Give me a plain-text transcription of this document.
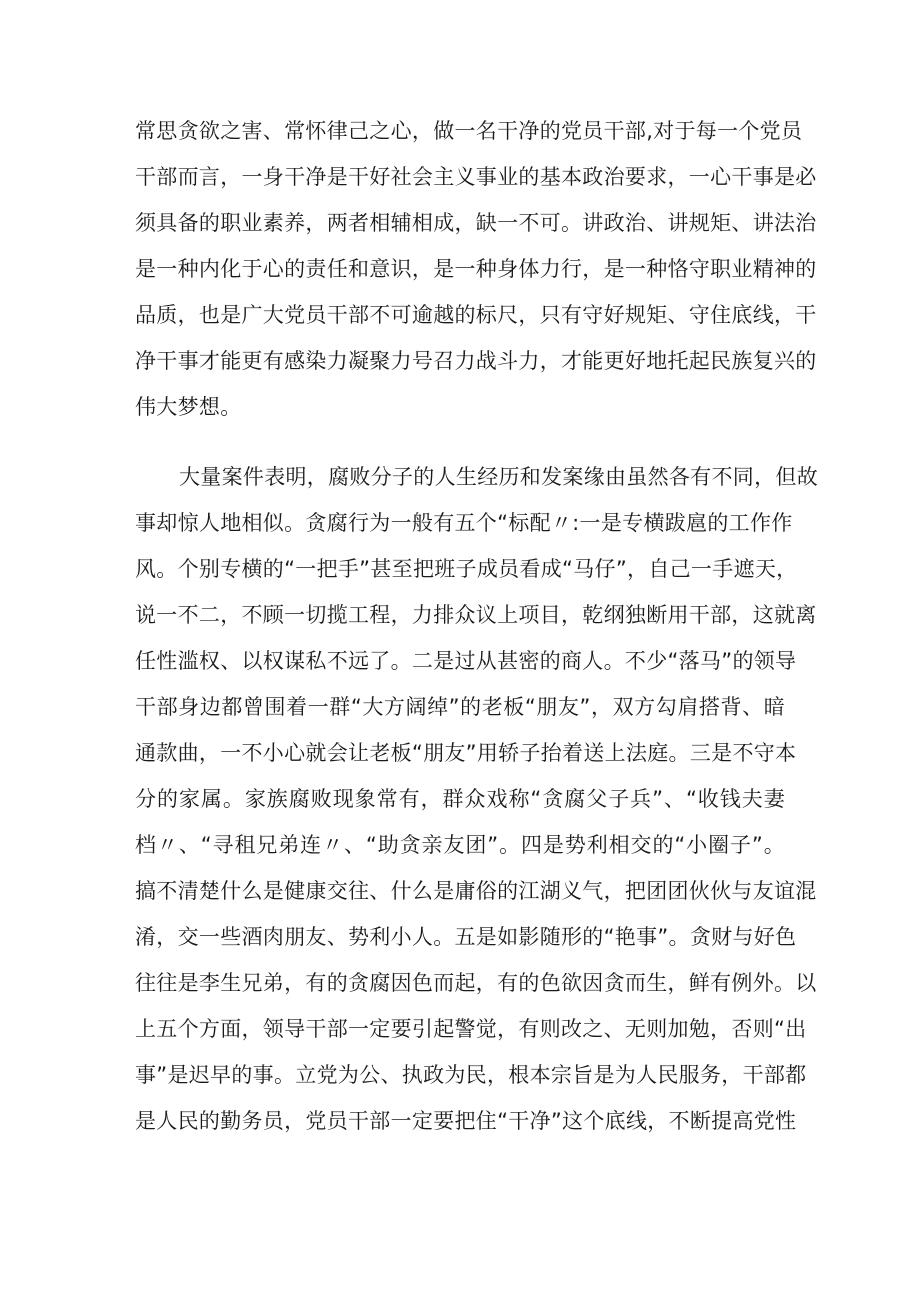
常思贪欲之害、常怀律己之心，做一名干净的党员干部,对于每一个党员
干部而言，一身干净是干好社会主义事业的基本政治要求，一心干事是必
须具备的职业素养，两者相辅相成，缺一不可。讲政治、讲规矩、讲法治
是一种内化于心的责任和意识，是一种身体力行，是一种恪守职业精神的
品质，也是广大党员干部不可逾越的标尺，只有守好规矩、守住底线，干
净干事才能更有感染力凝聚力号召力战斗力，才能更好地托起民族复兴的
伟大梦想。
大量案件表明，腐败分子的人生经历和发案缘由虽然各有不同，但故
事却惊人地相似。贪腐行为一般有五个“标配〃:一是专横跋扈的工作作
风。个别专横的“一把手”甚至把班子成员看成“马仔”，自己一手遮天，
说一不二，不顾一切揽工程，力排众议上项目，乾纲独断用干部，这就离
任性滥权、以权谋私不远了。二是过从甚密的商人。不少“落马”的领导
干部身边都曾围着一群“大方阔绰”的老板“朋友”，双方勾肩搭背、暗
通款曲，一不小心就会让老板“朋友”用轿子抬着送上法庭。三是不守本
分的家属。家族腐败现象常有，群众戏称“贪腐父子兵”、“收钱夫妻
档〃、“寻租兄弟连〃、“助贪亲友团”。四是势利相交的“小圈子”。
搞不清楚什么是健康交往、什么是庸俗的江湖义气，把团团伙伙与友谊混
淆，交一些酒肉朋友、势利小人。五是如影随形的“艳事”。贪财与好色
往往是李生兄弟，有的贪腐因色而起，有的色欲因贪而生，鲜有例外。以
上五个方面，领导干部一定要引起警觉，有则改之、无则加勉，否则“出
事”是迟早的事。立党为公、执政为民，根本宗旨是为人民服务，干部都
是人民的勤务员，党员干部一定要把住“干净”这个底线，不断提高党性
